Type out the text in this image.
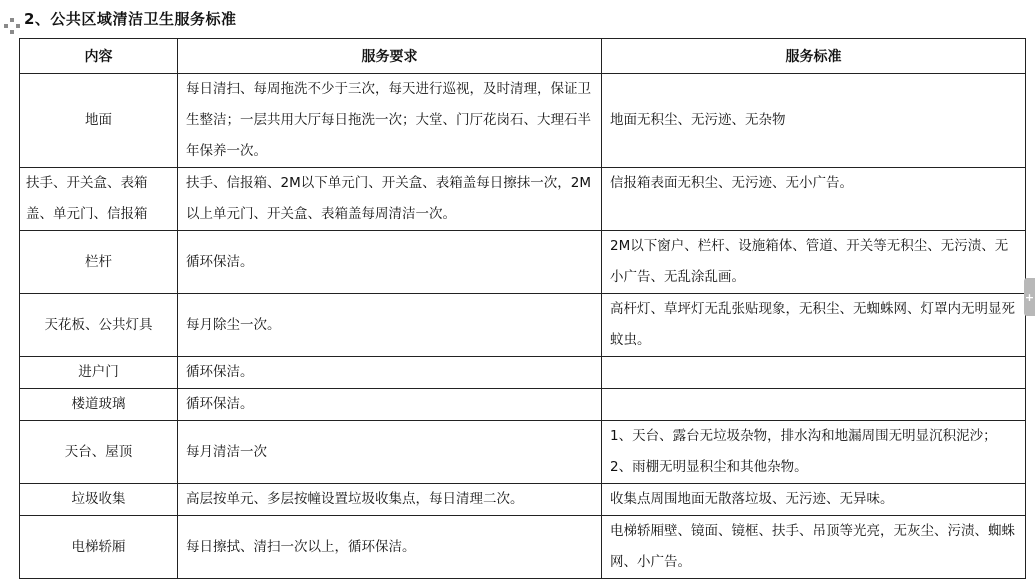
2、公共区域清洁卫生服务标准
内容	服务要求	服务标准
地面	每日清扫、每周拖洗不少于三次，每天进行巡视，及时清理，保证卫生整洁；一层共用大厅每日拖洗一次；大堂、门厅花岗石、大理石半年保养一次。	地面无积尘、无污迹、无杂物
扶手、开关盒、表箱盖、单元门、信报箱	扶手、信报箱、2M以下单元门、开关盒、表箱盖每日擦抹一次，2M以上单元门、开关盒、表箱盖每周清洁一次。	信报箱表面无积尘、无污迹、无小广告。
栏杆	循环保洁。	2M以下窗户、栏杆、设施箱体、管道、开关等无积尘、无污渍、无小广告、无乱涂乱画。
天花板、公共灯具	每月除尘一次。	高杆灯、草坪灯无乱张贴现象，无积尘、无蜘蛛网、灯罩内无明显死蚊虫。
进户门	循环保洁。	
楼道玻璃	循环保洁。	
天台、屋顶	每月清洁一次	1、天台、露台无垃圾杂物，排水沟和地漏周围无明显沉积泥沙；2、雨棚无明显积尘和其他杂物。
垃圾收集	高层按单元、多层按幢设置垃圾收集点，每日清理二次。	收集点周围地面无散落垃圾、无污迹、无异味。
电梯轿厢	每日擦拭、清扫一次以上，循环保洁。	电梯轿厢壁、镜面、镜框、扶手、吊顶等光亮，无灰尘、污渍、蜘蛛网、小广告。
+
